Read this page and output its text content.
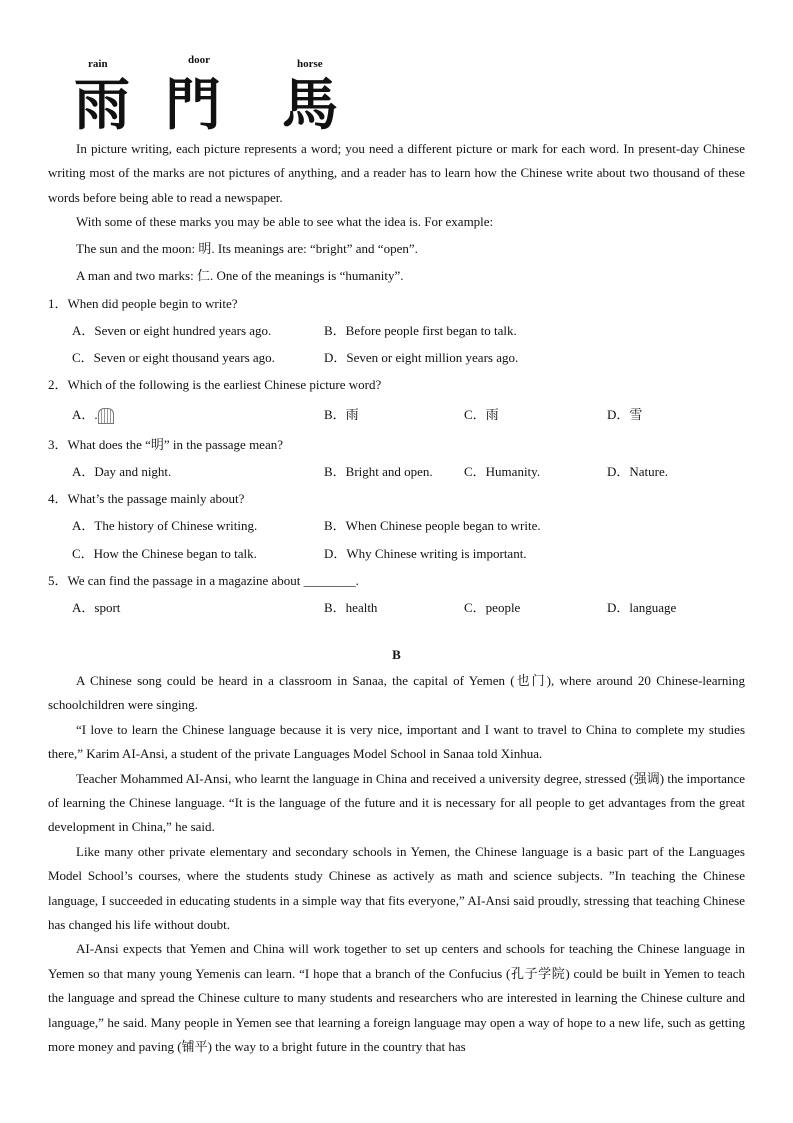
rain	door	horse
雨 門 馬

In picture writing, each picture represents a word; you need a different picture or mark for each word. In present-day Chinese writing most of the marks are not pictures of anything, and a reader has to learn how the Chinese write about two thousand of these words before being able to read a newspaper.

With some of these marks you may be able to see what the idea is. For example:

The sun and the moon: 明. Its meanings are: “bright” and “open”.
A man and two marks: 仁. One of the meanings is “humanity”.
1．When did people begin to write?
A．Seven or eight hundred years ago.	B．Before people first began to talk.
C．Seven or eight thousand years ago.	D．Seven or eight million years ago.
2．Which of the following is the earliest Chinese picture word?
A．.	B．雨	C．雨	D．雪
3．What does the “明” in the passage mean?
A．Day and night.	B．Bright and open. C．Humanity.	D．Nature.
4．What’s the passage mainly about?
A．The history of Chinese writing.	B．When Chinese people began to write.
C．How the Chinese began to talk.	D．Why Chinese writing is important.
5．We can find the passage in a magazine about ________.
A．sport	B．health	C．people	D．language
B

A Chinese song could be heard in a classroom in Sanaa, the capital of Yemen (也门), where around 20 Chinese-learning schoolchildren were singing.

“I love to learn the Chinese language because it is very nice, important and I want to travel to China to complete my studies there,” Karim AI-Ansi, a student of the private Languages Model School in Sanaa told Xinhua.

Teacher Mohammed AI-Ansi, who learnt the language in China and received a university degree, stressed (强调) the importance of learning the Chinese language. “It is the language of the future and it is necessary for all people to get advantages from the great development in China,” he said.

Like many other private elementary and secondary schools in Yemen, the Chinese language is a basic part of the Languages Model School’s courses, where the students study Chinese as actively as math and science subjects. ”In teaching the Chinese language, I succeeded in educating students in a simple way that fits everyone,” AI-Ansi said proudly, stressing that teaching Chinese has changed his life without doubt.

AI-Ansi expects that Yemen and China will work together to set up centers and schools for teaching the Chinese language in Yemen so that many young Yemenis can learn. “I hope that a branch of the Confucius (孔子学院) could be built in Yemen to teach the language and spread the Chinese culture to many students and researchers who are interested in learning the Chinese culture and language,” he said. Many people in Yemen see that learning a foreign language may open a way of hope to a new life, such as getting more money and paving (铺平) the way to a bright future in the country that has
